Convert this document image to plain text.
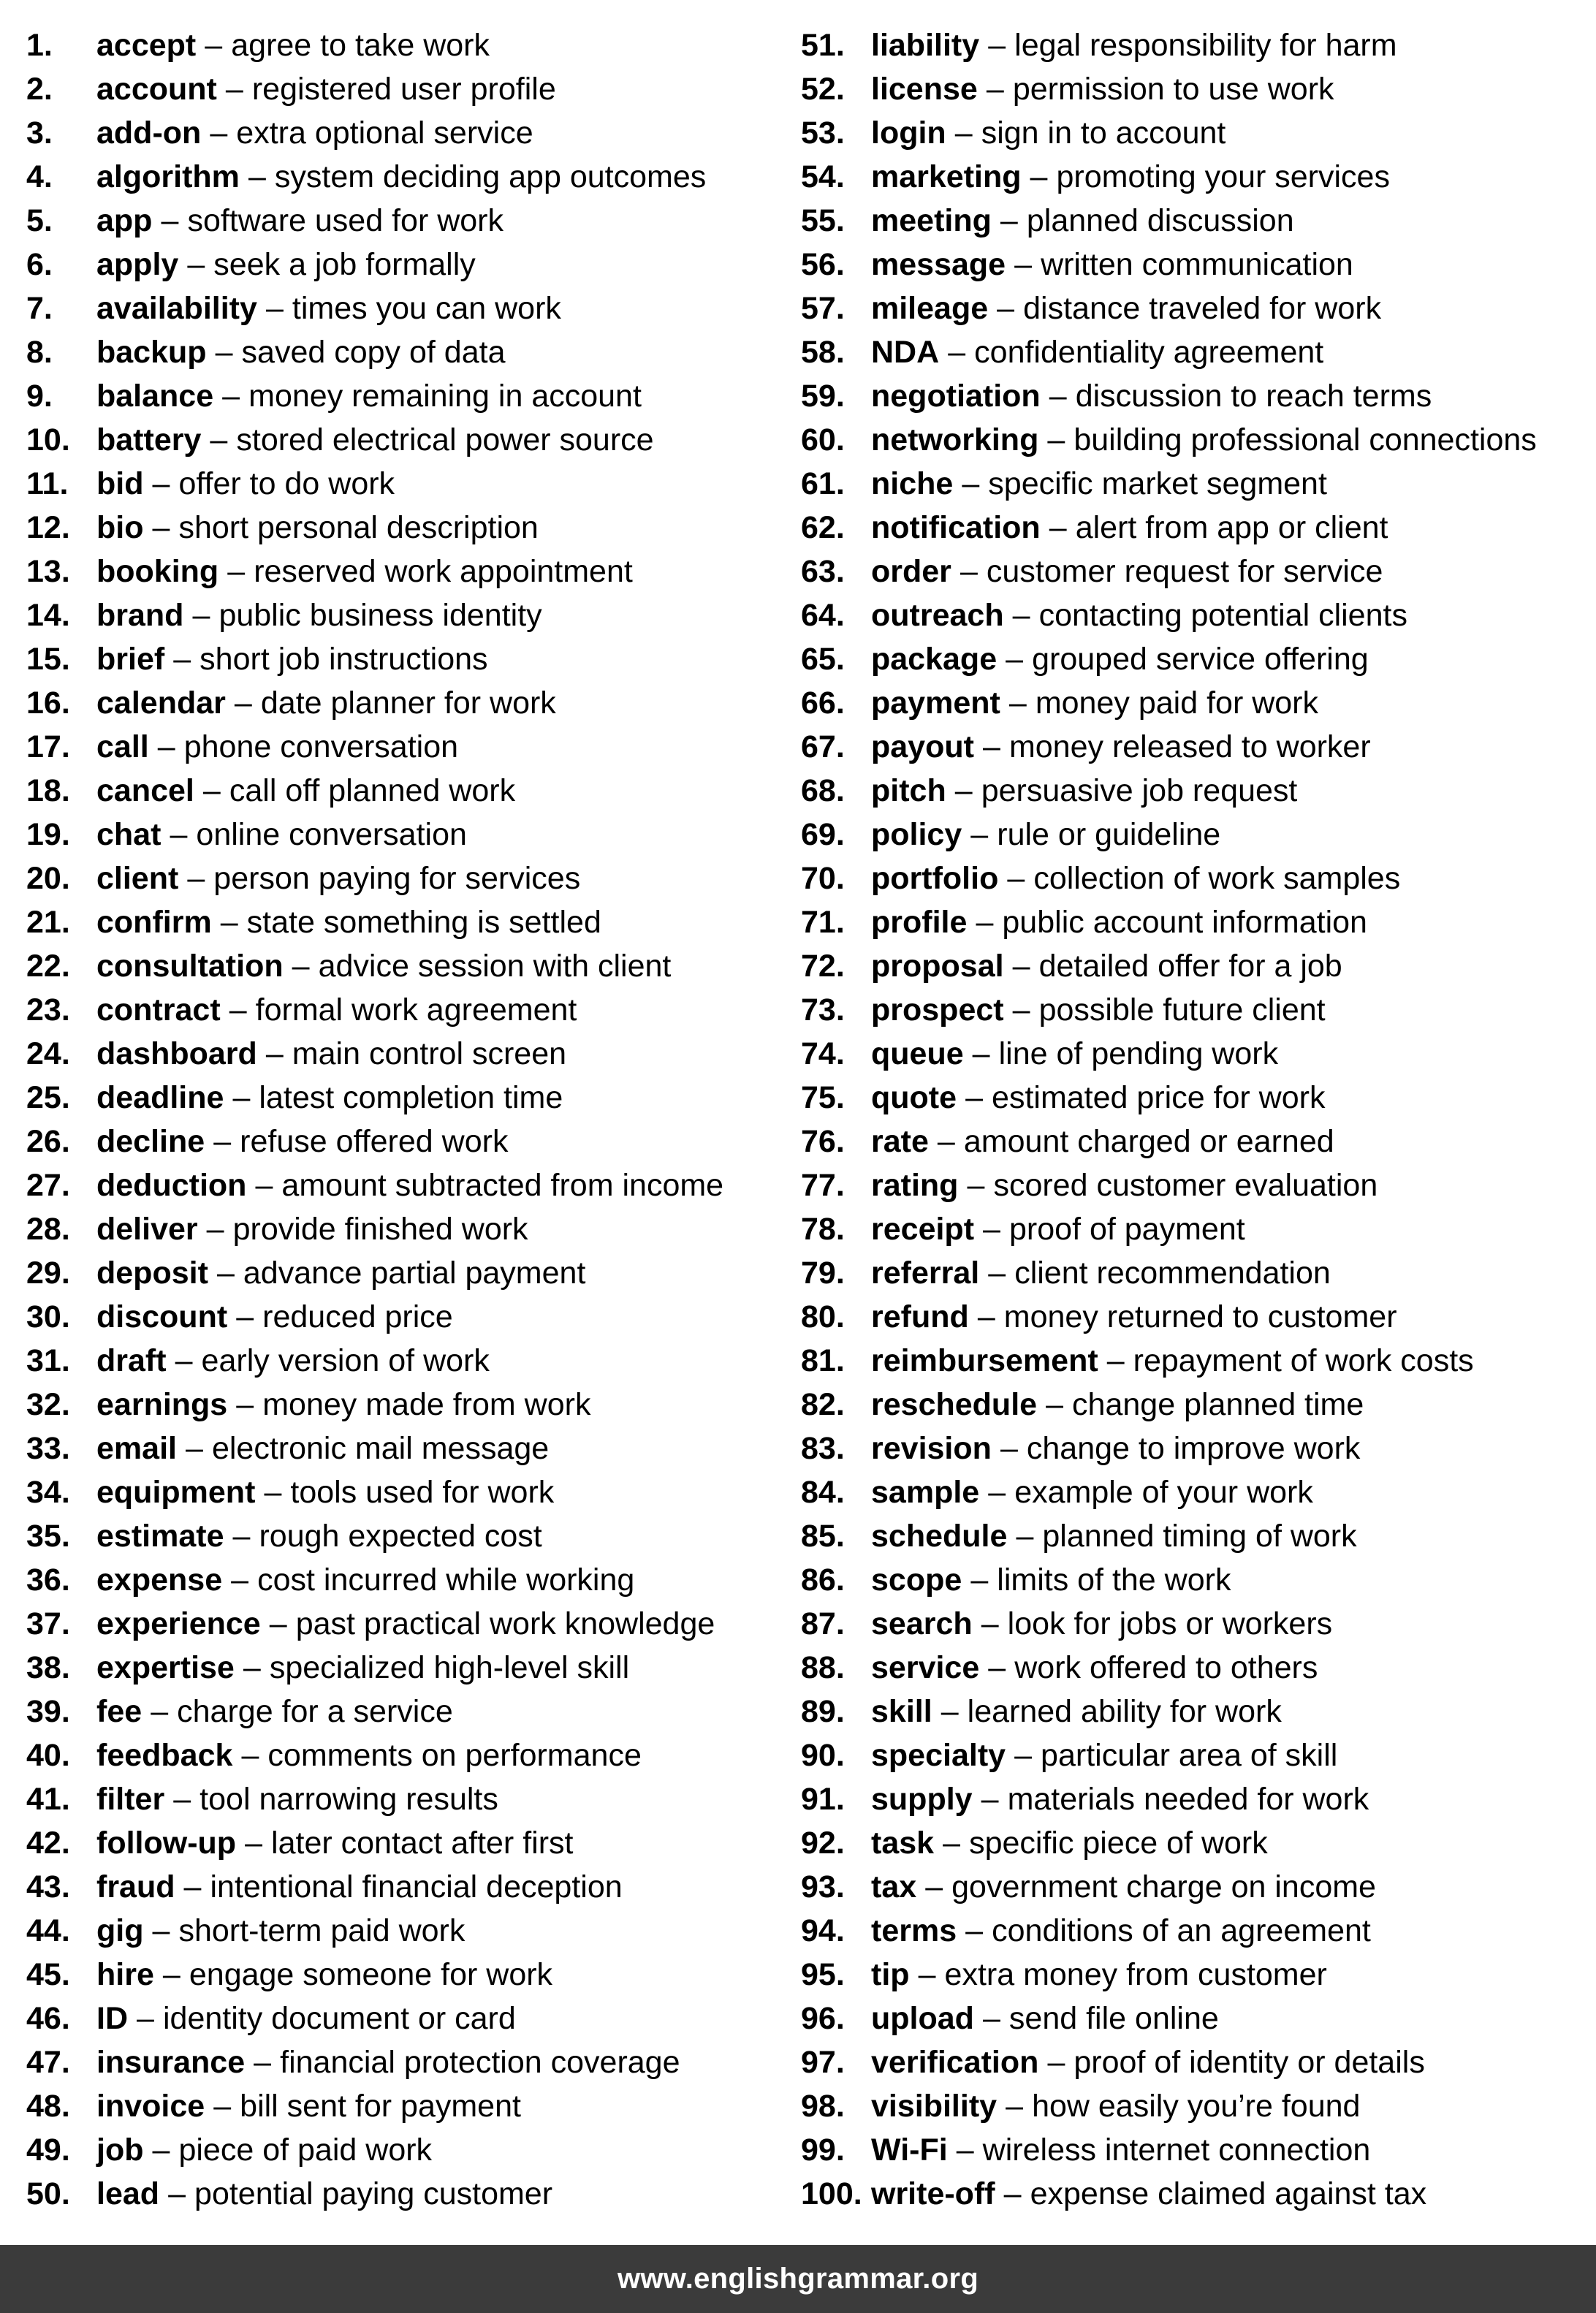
1.	accept – agree to take work
2.	account – registered user profile
3.	add-on – extra optional service
4.	algorithm – system deciding app outcomes
5.	app – software used for work
6.	apply – seek a job formally
7.	availability – times you can work
8.	backup – saved copy of data
9.	balance – money remaining in account
10. battery – stored electrical power source
11. bid – offer to do work
12. bio – short personal description
13. booking – reserved work appointment
14. brand – public business identity
15. brief – short job instructions
16. calendar – date planner for work
17. call – phone conversation
18. cancel – call off planned work
19. chat – online conversation
20. client – person paying for services
21. confirm – state something is settled
22. consultation – advice session with client
23. contract – formal work agreement
24. dashboard – main control screen
25. deadline – latest completion time
26. decline – refuse offered work
27. deduction – amount subtracted from income
28. deliver – provide finished work
29. deposit – advance partial payment
30. discount – reduced price
31. draft – early version of work
32. earnings – money made from work
33. email – electronic mail message
34. equipment – tools used for work
35. estimate – rough expected cost
36. expense – cost incurred while working
37. experience – past practical work knowledge
38. expertise – specialized high-level skill
39. fee – charge for a service
40. feedback – comments on performance
41. filter – tool narrowing results
42. follow-up – later contact after first
43. fraud – intentional financial deception
44. gig – short-term paid work
45. hire – engage someone for work
46. ID – identity document or card
47. insurance – financial protection coverage
48. invoice – bill sent for payment
49. job – piece of paid work
50. lead – potential paying customer
51. liability – legal responsibility for harm
52. license – permission to use work
53. login – sign in to account
54. marketing – promoting your services
55. meeting – planned discussion
56. message – written communication
57. mileage – distance traveled for work
58. NDA – confidentiality agreement
59. negotiation – discussion to reach terms
60. networking – building professional connections
61. niche – specific market segment
62. notification – alert from app or client
63. order – customer request for service
64. outreach – contacting potential clients
65. package – grouped service offering
66. payment – money paid for work
67. payout – money released to worker
68. pitch – persuasive job request
69. policy – rule or guideline
70. portfolio – collection of work samples
71. profile – public account information
72. proposal – detailed offer for a job
73. prospect – possible future client
74. queue – line of pending work
75. quote – estimated price for work
76. rate – amount charged or earned
77. rating – scored customer evaluation
78. receipt – proof of payment
79. referral – client recommendation
80. refund – money returned to customer
81. reimbursement – repayment of work costs
82. reschedule – change planned time
83. revision – change to improve work
84. sample – example of your work
85. schedule – planned timing of work
86. scope – limits of the work
87. search – look for jobs or workers
88. service – work offered to others
89. skill – learned ability for work
90. specialty – particular area of skill
91. supply – materials needed for work
92. task – specific piece of work
93. tax – government charge on income
94. terms – conditions of an agreement
95. tip – extra money from customer
96. upload – send file online
97. verification – proof of identity or details
98. visibility – how easily you’re found
99. Wi-Fi – wireless internet connection
100. write-off – expense claimed against tax
www.englishgrammar.org
